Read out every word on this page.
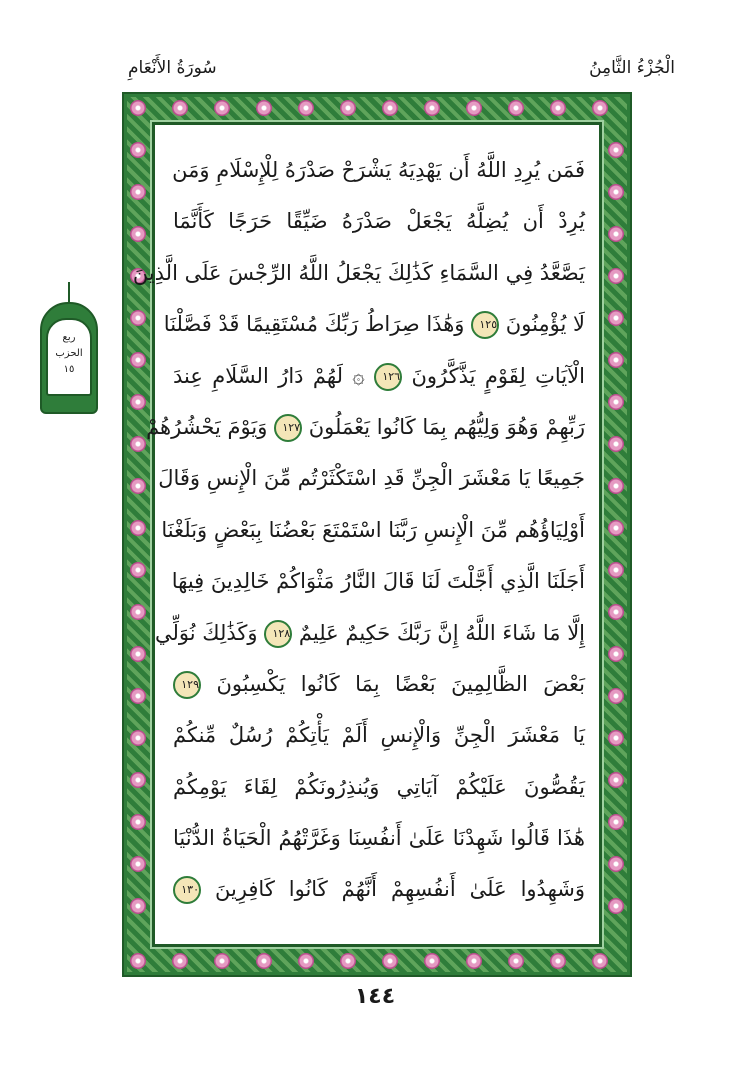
الْجُزْءُ الثَّامِنُ
سُورَةُ الأَنْعَامِ
ربع
الحزب
١٥
فَمَن يُرِدِ اللَّهُ أَن يَهْدِيَهُ يَشْرَحْ صَدْرَهُ لِلْإِسْلَامِ وَمَن
يُرِدْ أَن يُضِلَّهُ يَجْعَلْ صَدْرَهُ ضَيِّقًا حَرَجًا كَأَنَّمَا
يَصَّعَّدُ فِي السَّمَاءِ كَذَٰلِكَ يَجْعَلُ اللَّهُ الرِّجْسَ عَلَى الَّذِينَ
لَا يُؤْمِنُونَ ١٢٥ وَهَٰذَا صِرَاطُ رَبِّكَ مُسْتَقِيمًا قَدْ فَصَّلْنَا
الْآيَاتِ لِقَوْمٍ يَذَّكَّرُونَ ١٢٦ ۞ لَهُمْ دَارُ السَّلَامِ عِندَ
رَبِّهِمْ وَهُوَ وَلِيُّهُم بِمَا كَانُوا يَعْمَلُونَ ١٢٧ وَيَوْمَ يَحْشُرُهُمْ
جَمِيعًا يَا مَعْشَرَ الْجِنِّ قَدِ اسْتَكْثَرْتُم مِّنَ الْإِنسِ وَقَالَ
أَوْلِيَاؤُهُم مِّنَ الْإِنسِ رَبَّنَا اسْتَمْتَعَ بَعْضُنَا بِبَعْضٍ وَبَلَغْنَا
أَجَلَنَا الَّذِي أَجَّلْتَ لَنَا قَالَ النَّارُ مَثْوَاكُمْ خَالِدِينَ فِيهَا
إِلَّا مَا شَاءَ اللَّهُ إِنَّ رَبَّكَ حَكِيمٌ عَلِيمٌ ١٢٨ وَكَذَٰلِكَ نُوَلِّي
بَعْضَ الظَّالِمِينَ بَعْضًا بِمَا كَانُوا يَكْسِبُونَ ١٢٩
يَا مَعْشَرَ الْجِنِّ وَالْإِنسِ أَلَمْ يَأْتِكُمْ رُسُلٌ مِّنكُمْ
يَقُصُّونَ عَلَيْكُمْ آيَاتِي وَيُنذِرُونَكُمْ لِقَاءَ يَوْمِكُمْ
هَٰذَا قَالُوا شَهِدْنَا عَلَىٰ أَنفُسِنَا وَغَرَّتْهُمُ الْحَيَاةُ الدُّنْيَا
وَشَهِدُوا عَلَىٰ أَنفُسِهِمْ أَنَّهُمْ كَانُوا كَافِرِينَ ١٣٠
١٤٤
